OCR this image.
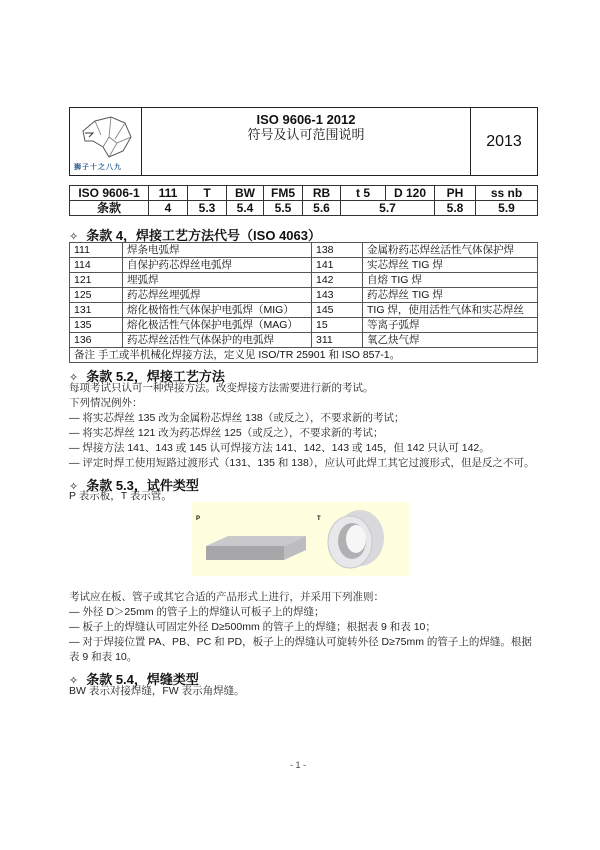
狮子十之八九
ISO 9606-1 2012
符号及认可范围说明	2013
ISO 9606-1	111	T	BW	FM5	RB	t 5	D 120	PH	ss nb
条款	4	5.3	5.4	5.5	5.6	5.7		5.8	5.9
✧ 条款 4，焊接工艺方法代号（ISO 4063）
111	焊条电弧焊	138	金属粉药芯焊丝活性气体保护焊
114	自保护药芯焊丝电弧焊	141	实芯焊丝 TIG 焊
121	埋弧焊	142	自熔 TIG 焊
125	药芯焊丝埋弧焊	143	药芯焊丝 TIG 焊
131	熔化极惰性气体保护电弧焊（MIG）	145	TIG 焊，使用活性气体和实芯焊丝
135	熔化极活性气体保护电弧焊（MAG）	15	等离子弧焊
136	药芯焊丝活性气体保护的电弧焊	311	氧乙炔气焊
备注 手工或半机械化焊接方法，定义见 ISO/TR 25901 和 ISO 857-1。			
✧ 条款 5.2，焊接工艺方法
每项考试只认可一种焊接方法。改变焊接方法需要进行新的考试。
下列情况例外：
— 将实芯焊丝 135 改为金属粉芯焊丝 138（或反之），不要求新的考试；
— 将实芯焊丝 121 改为药芯焊丝 125（或反之），不要求新的考试；
— 焊接方法 141、143 或 145 认可焊接方法 141、142、143 或 145，但 142 只认可 142。
— 评定时焊工使用短路过渡形式（131、135 和 138），应认可此焊工其它过渡形式，但是反之不可。
✧ 条款 5.3，试件类型
P 表示板，T 表示管。
P	T
考试应在板、管子或其它合适的产品形式上进行，并采用下列准则：
— 外径 D＞25mm 的管子上的焊缝认可板子上的焊缝；
— 板子上的焊缝认可固定外径 D≥500mm 的管子上的焊缝；根据表 9 和表 10；
— 对于焊接位置 PA、PB、PC 和 PD，板子上的焊缝认可旋转外径 D≥75mm 的管子上的焊缝。根据
表 9 和表 10。
✧ 条款 5.4，焊缝类型
BW 表示对接焊缝，FW 表示角焊缝。
- 1 -
